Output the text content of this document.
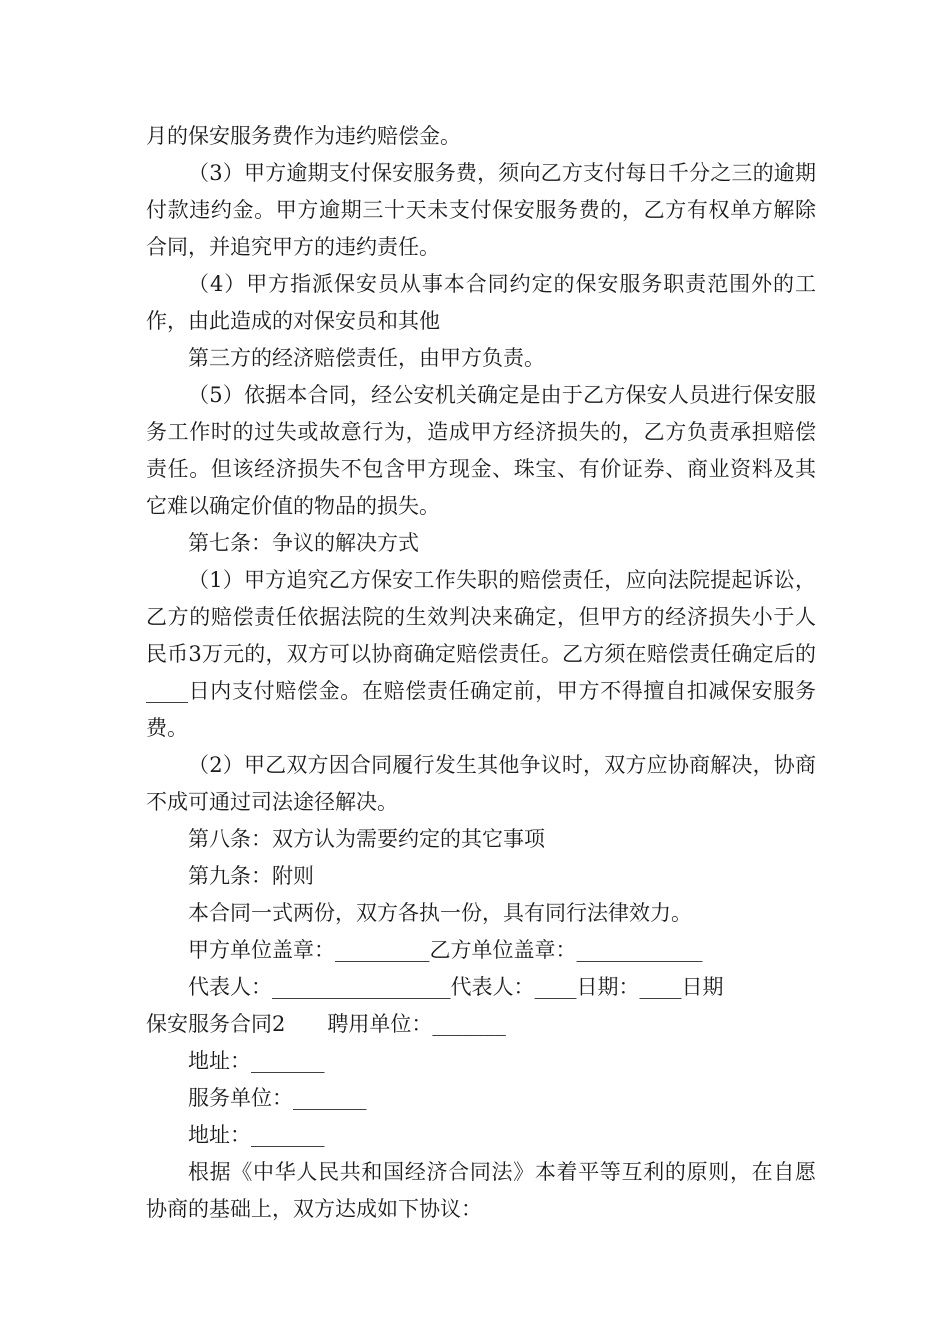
月的保安服务费作为违约赔偿金。

（3）甲方逾期支付保安服务费，须向乙方支付每日千分之三的逾期付款违约金。甲方逾期三十天未支付保安服务费的，乙方有权单方解除合同，并追究甲方的违约责任。

（4）甲方指派保安员从事本合同约定的保安服务职责范围外的工作，由此造成的对保安员和其他

第三方的经济赔偿责任，由甲方负责。

（5）依据本合同，经公安机关确定是由于乙方保安人员进行保安服务工作时的过失或故意行为，造成甲方经济损失的，乙方负责承担赔偿责任。但该经济损失不包含甲方现金、珠宝、有价证券、商业资料及其它难以确定价值的物品的损失。

第七条：争议的解决方式

（1）甲方追究乙方保安工作失职的赔偿责任，应向法院提起诉讼，乙方的赔偿责任依据法院的生效判决来确定，但甲方的经济损失小于人民币3万元的，双方可以协商确定赔偿责任。乙方须在赔偿责任确定后的____日内支付赔偿金。在赔偿责任确定前，甲方不得擅自扣减保安服务费。

（2）甲乙双方因合同履行发生其他争议时，双方应协商解决，协商不成可通过司法途径解决。

第八条：双方认为需要约定的其它事项

第九条：附则

本合同一式两份，双方各执一份，具有同行法律效力。

甲方单位盖章：_________乙方单位盖章：____________

代表人：_________________代表人：____日期：____日期

保安服务合同2　　聘用单位：_______

地址：_______

服务单位：_______

地址：_______

根据《中华人民共和国经济合同法》本着平等互利的原则，在自愿协商的基础上，双方达成如下协议：
